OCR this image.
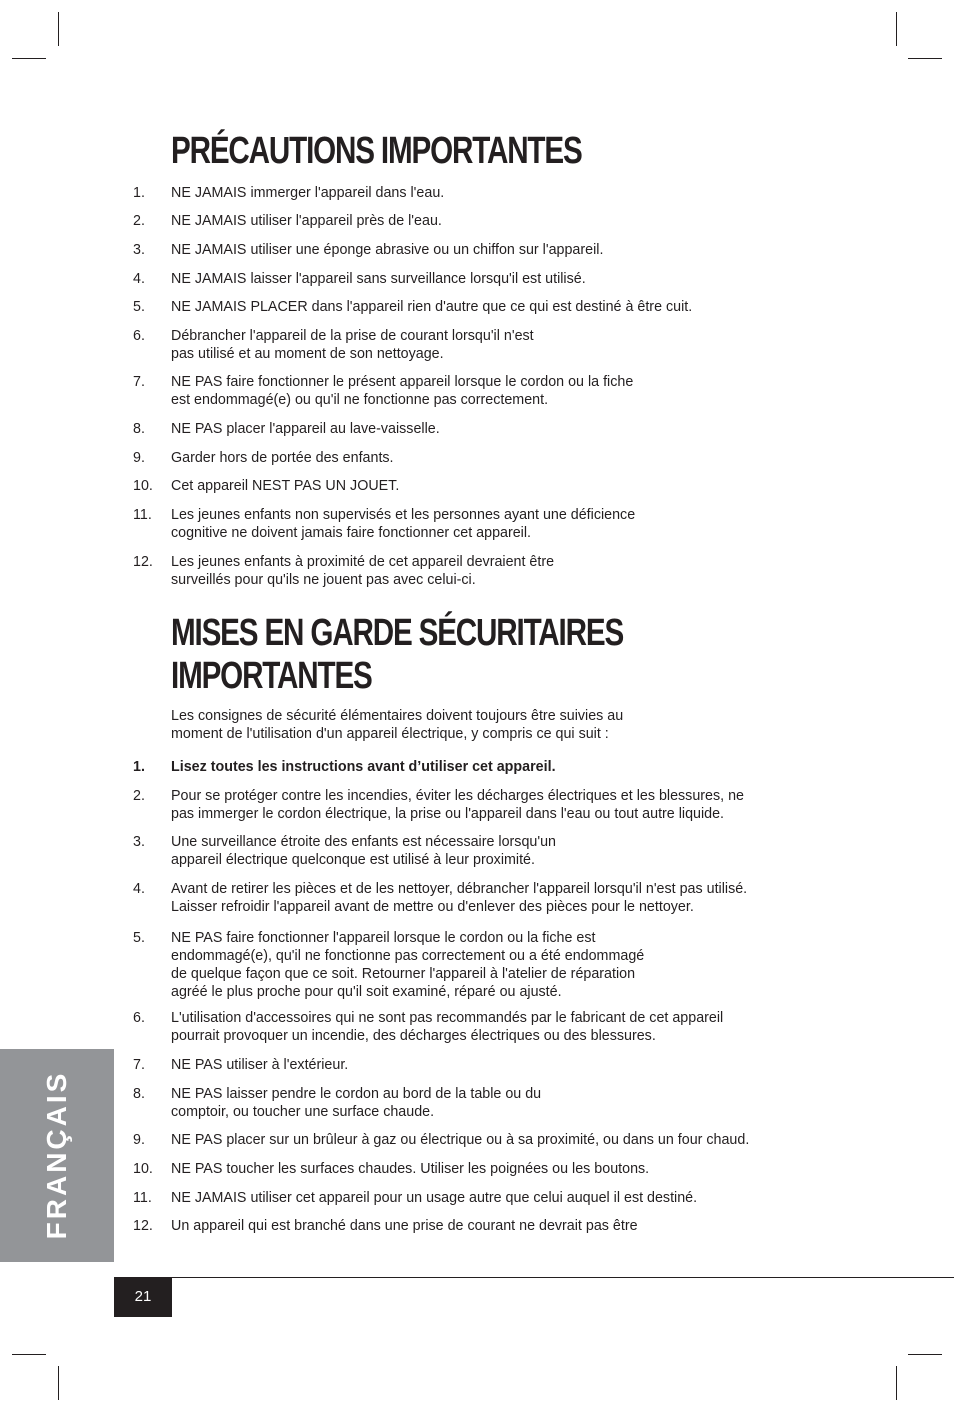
PRÉCAUTIONS IMPORTANTES
1. NE JAMAIS immerger l'appareil dans l'eau.
2. NE JAMAIS utiliser l'appareil près de l'eau.
3. NE JAMAIS utiliser une éponge abrasive ou un chiffon sur l'appareil.
4. NE JAMAIS laisser l'appareil sans surveillance lorsqu'il est utilisé.
5. NE JAMAIS PLACER dans l'appareil rien d'autre que ce qui est destiné à être cuit.
6. Débrancher l'appareil de la prise de courant lorsqu'il n'est
pas utilisé et au moment de son nettoyage.
7. NE PAS faire fonctionner le présent appareil lorsque le cordon ou la fiche
est endommagé(e) ou qu'il ne fonctionne pas correctement.
8. NE PAS placer l'appareil au lave-vaisselle.
9. Garder hors de portée des enfants.
10. Cet appareil NEST PAS UN JOUET.
11. Les jeunes enfants non supervisés et les personnes ayant une déficience
cognitive ne doivent jamais faire fonctionner cet appareil.
12. Les jeunes enfants à proximité de cet appareil devraient être
surveillés pour qu'ils ne jouent pas avec celui-ci.
MISES EN GARDE SÉCURITAIRES
IMPORTANTES
Les consignes de sécurité élémentaires doivent toujours être suivies au
moment de l'utilisation d'un appareil électrique, y compris ce qui suit :
1. Lisez toutes les instructions avant d’utiliser cet appareil.
2. Pour se protéger contre les incendies, éviter les décharges électriques et les blessures, ne
pas immerger le cordon électrique, la prise ou l'appareil dans l'eau ou tout autre liquide.
3. Une surveillance étroite des enfants est nécessaire lorsqu'un
appareil électrique quelconque est utilisé à leur proximité.
4. Avant de retirer les pièces et de les nettoyer, débrancher l'appareil lorsqu'il n'est pas utilisé.
Laisser refroidir l'appareil avant de mettre ou d'enlever des pièces pour le nettoyer.
5. NE PAS faire fonctionner l'appareil lorsque le cordon ou la fiche est
endommagé(e), qu'il ne fonctionne pas correctement ou a été endommagé
de quelque façon que ce soit. Retourner l'appareil à l'atelier de réparation
agréé le plus proche pour qu'il soit examiné, réparé ou ajusté.
6. L'utilisation d'accessoires qui ne sont pas recommandés par le fabricant de cet appareil
pourrait provoquer un incendie, des décharges électriques ou des blessures.
7. NE PAS utiliser à l'extérieur.
8. NE PAS laisser pendre le cordon au bord de la table ou du
comptoir, ou toucher une surface chaude.
9. NE PAS placer sur un brûleur à gaz ou électrique ou à sa proximité, ou dans un four chaud.
10. NE PAS toucher les surfaces chaudes. Utiliser les poignées ou les boutons.
11. NE JAMAIS utiliser cet appareil pour un usage autre que celui auquel il est destiné.
12. Un appareil qui est branché dans une prise de courant ne devrait pas être
FRANÇAIS
21
